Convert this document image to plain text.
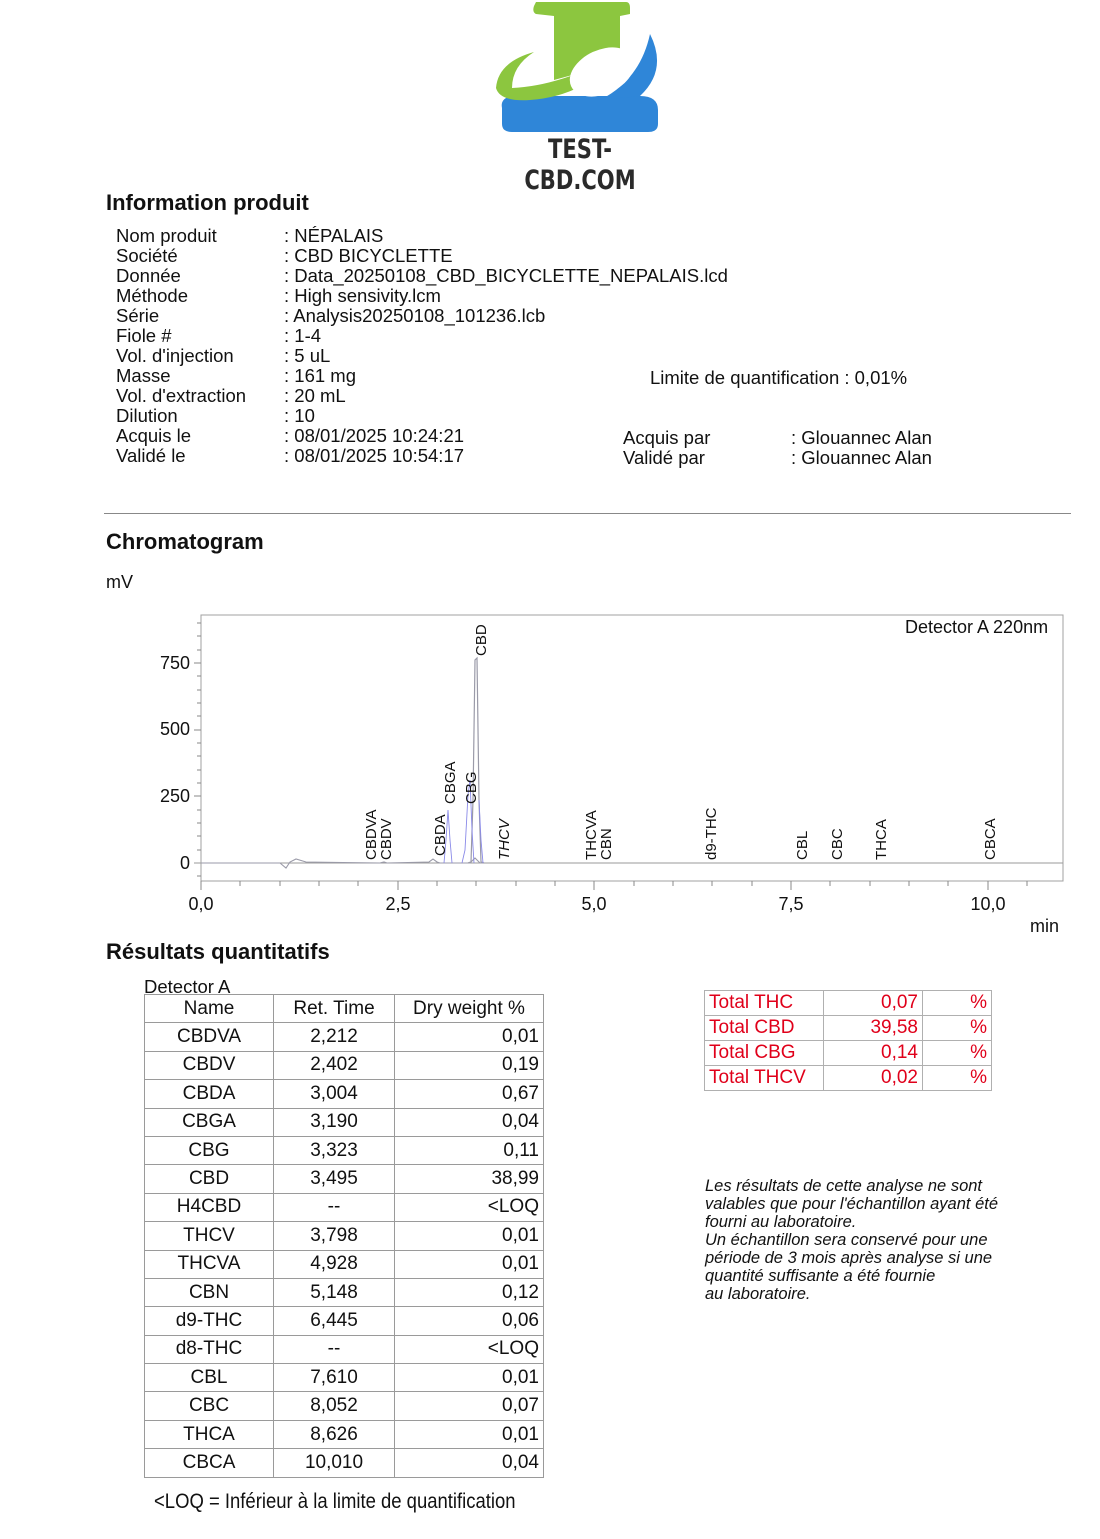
TEST-CBD.COM
Information produit
Nom produit	: NÉPALAIS
Société	: CBD BICYCLETTE
Donnée	: Data_20250108_CBD_BICYCLETTE_NEPALAIS.lcd
Méthode	: High sensivity.lcm
Série	: Analysis20250108_101236.lcb
Fiole #	: 1-4
Vol. d'injection	: 5 uL
Masse	: 161 mg
Vol. d'extraction : 20 mL
Dilution	: 10
Acquis le	: 08/01/2025 10:24:21
Validé le	: 08/01/2025 10:54:17
Limite de quantification : 0,01%
Acquis par	: Glouannec Alan
Validé par	: Glouannec Alan
Chromatogram
mV
750
500
250
0
0,0	2,5	5,0	7,5	10,0
min
Detector A 220nm
CBDVA
CBDV CBDA
CBGA CBG
CBD
THCV	THCVA
CBN	d9-THC	CBL CBC THCA	CBCA
Résultats quantitatifs
Detector A
Name	Ret. Time	Dry weight %
CBDVA	2,212	0,01
CBDV	2,402	0,19
CBDA	3,004	0,67
CBGA	3,190	0,04
CBG	3,323	0,11
CBD	3,495	38,99
H4CBD	--	<LOQ
THCV	3,798	0,01
THCVA	4,928	0,01
CBN	5,148	0,12
d9-THC	6,445	0,06
d8-THC	--	<LOQ
CBL	7,610	0,01
CBC	8,052	0,07
THCA	8,626	0,01
CBCA	10,010	0,04
Total THC	0,07	%
Total CBD	39,58	%
Total CBG	0,14	%
Total THCV	0,02	%
Les résultats de cette analyse ne sont
valables que pour l'échantillon ayant été
fourni au laboratoire.
Un échantillon sera conservé pour une
période de 3 mois après analyse si une
quantité suffisante a été fournie
au laboratoire.
<LOQ = Inférieur à la limite de quantification
